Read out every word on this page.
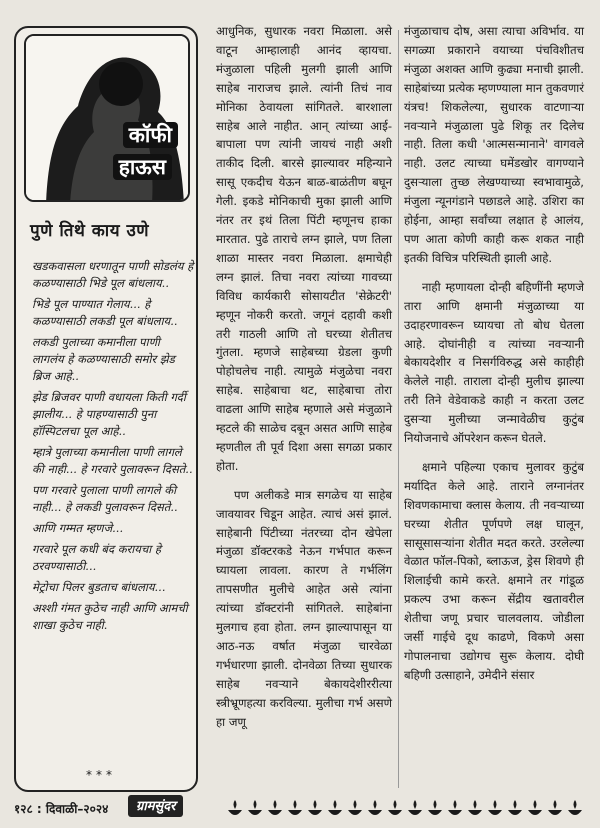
कॉफी
हाऊस
पुणे तिथे काय उणे

खडकवासला धरणातून पाणी सोडलंय हे कळण्यासाठी भिडे पूल बांधलाय..

भिडे पूल पाण्यात गेलाय... हे कळण्यासाठी लकडी पूल बांधलाय..

लकडी पुलाच्या कमानीला पाणी लागलंय हे कळण्यासाठी समोर झेड ब्रिज आहे..

झेड ब्रिजवर पाणी वधायला किती गर्दी झालीय... हे पाहण्यासाठी पुना हॉस्पिटलचा पूल आहे..

म्हात्रे पुलाच्या कमानीला पाणी लागले की नाही... हे गरवारे पुलावरून दिसते..

पण गरवारे पुलाला पाणी लागले की नाही... हे लकडी पुलावरून दिसते..

आणि गम्मत म्हणजे...

गरवारे पूल कधी बंद करायचा हे ठरवण्यासाठी...

मेट्रोचा पिलर बुडताच बांधलाय...

अश्शी गंमत कुठेच नाही आणि आमची शाखा कुठेच नाही.

***

आधुनिक, सुधारक नवरा मिळाला. असे वाटून आम्हालाही आनंद व्हायचा. मंजुळाला पहिली मुलगी झाली आणि साहेब नाराजच झाले. त्यांनी तिचं नाव मोनिका ठेवायला सांगितले. बारशाला साहेब आले नाहीत. आन्‌ त्यांच्या आई-बापाला पण त्यांनी जायचं नाही अशी ताकीद दिली. बारसे झाल्यावर महिन्याने सासू एकदीच येऊन बाळ-बाळंतीण बघून गेली. इकडे मोनिकाची मुका झाली आणि नंतर तर इथं तिला पिंटी म्हणूनच हाका मारतात. पुढे ताराचे लग्न झाले, पण तिला शाळा मास्तर नवरा मिळाला. क्षमाचेही लग्न झालं. तिचा नवरा त्यांच्या गावच्या विविध कार्यकारी सोसायटीत 'सेक्रेटरी' म्हणून नोकरी करतो. जगूनं दहावी कशी तरी गाठली आणि तो घरच्या शेतीतच गुंतला. म्हणजे साहेबच्या ग्रेडला कुणी पोहोचलेच नाही. त्यामुळे मंजुळेचा नवरा साहेब. साहेबाचा थट, साहेबाचा तोरा वाढला आणि साहेब म्हणाले असे मंजुळाने म्हटले की साळेच दबून असत आणि साहेब म्हणतील ती पूर्व दिशा असा सगळा प्रकार होता.

पण अलीकडे मात्र सगळेच या साहेब जावयावर चिडून आहेत. त्याचं असं झालं. साहेबानी पिंटीच्या नंतरच्या दोन खेपेला मंजुळा डॉक्टरकडे नेऊन गर्भपात करून घ्यायला लावला. कारण ते गर्भलिंग तापसणीत मुलीचे आहेत असे त्यांना त्यांच्या डॉक्टरांनी सांगितले. साहेबांना मुलगाच हवा होता. लग्न झाल्यापासून या आठ-नऊ वर्षात मंजुळा चारवेळा गर्भधारणा झाली. दोनवेळा तिच्या सुधारक साहेब नवऱ्याने बेकायदेशीररीत्या स्त्रीभ्रूणहत्या करविल्या. मुलीचा गर्भ असणे हा जणू

मंजुळाचाच दोष, असा त्याचा अविर्भाव. या सगळ्या प्रकाराने वयाच्या पंचविशीतच मंजुळा अशक्त आणि कुढ्या मनाची झाली. साहेबांच्या प्रत्येक म्हणण्याला मान तुकवणारं यंत्रच! शिकलेल्या, सुधारक वाटणाऱ्या नवऱ्याने मंजुळाला पुढे शिकू तर दिलेच नाही. तिला कधी 'आत्मसन्मानाने' वागवले नाही. उलट त्याच्या घमेंडखोर वागण्याने दुसऱ्याला तुच्छ लेखण्याच्या स्वभावामुळे, मंजुला न्यूनगंडाने पछाडले आहे. उशिरा का होईना, आम्हा सर्वांच्या लक्षात हे आलंय, पण आता कोणी काही करू शकत नाही इतकी विचित्र परिस्थिती झाली आहे.

नाही म्हणायला दोन्ही बहिणींनी म्हणजे तारा आणि क्षमानी मंजुळाच्या या उदाहरणावरून घ्यायचा तो बोध घेतला आहे. दोघांनीही व त्यांच्या नवऱ्यानी बेकायदेशीर व निसर्गविरुद्ध असे काहीही केलेले नाही. ताराला दोन्ही मुलीच झाल्या तरी तिने वेडेवाकडे काही न करता उलट दुसऱ्या मुलीच्या जन्मावेळीच कुटुंब नियोजनाचे ऑपरेशन करून घेतले.

क्षमाने पहिल्या एकाच मुलावर कुटुंब मर्यादित केले आहे. ताराने लग्नानंतर शिवणकामाचा क्लास केलाय. ती नवऱ्याच्या घरच्या शेतीत पूर्णपणे लक्ष घालून, सासूसासऱ्यांना शेतीत मदत करते. उरलेल्या वेळात फॉल-पिको, ब्लाऊज, ड्रेस शिवणे ही शिलाईची कामे करते. क्षमाने तर गांडूळ प्रकल्प उभा करून सेंद्रीय खतावरील शेतीचा जणू प्रचार चालवलाय. जोडीला जर्सी गाईचे दूध काढणे, विकणे असा गोपालनाचा उद्योगच सुरू केलाय. दोघी बहिणी उत्साहाने, उमेदीने संसार

१२८ : दिवाळी–२०२४	ग्रामसुंदर
